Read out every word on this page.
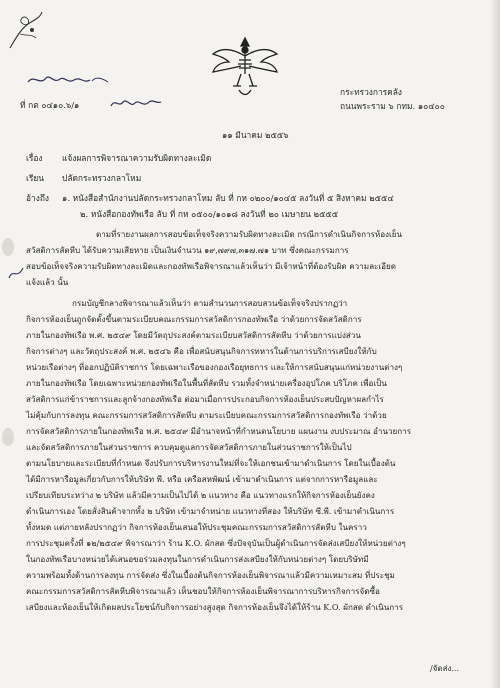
ที่ กต ๐๔๑๐.๖/๑
กระทรวงการคลัง
ถนนพระราม ๖ กทม. ๑๐๔๐๐
๑๑ มีนาคม ๒๕๕๖
เรื่อง แจ้งผลการพิจารณาความรับผิดทางละเมิด
เรียน ปลัดกระทรวงกลาโหม
อ้างถึง ๑. หนังสือสำนักงานปลัดกระทรวงกลาโหม ลับ ที่ กห ๐๒๐๐/๑๐๔๕ ลงวันที่ ๕ สิงหาคม ๒๕๕๔
๒. หนังสือกองทัพเรือ ลับ ที่ กห ๐๕๐๐/๑๐๑๘ ลงวันที่ ๒๐ เมษายน ๒๕๕๕
ตามที่รายงานผลการสอบข้อเท็จจริงความรับผิดทางละเมิด กรณีการดำเนินกิจการห้องเย็น
สวัสดิการสัตหีบ ได้รับความเสียหาย เป็นเงินจำนวน ๑๙,๗๙๗,๓๑๗.๗๑ บาท ซึ่งคณะกรรมการ
สอบข้อเท็จจริงความรับผิดทางละเมิดและกองทัพเรือพิจารณาแล้วเห็นว่า มีเจ้าหน้าที่ต้องรับผิด ความละเอียด
แจ้งแล้ว นั้น
กรมบัญชีกลางพิจารณาแล้วเห็นว่า ตามสำนวนการสอบสวนข้อเท็จจริงปรากฏว่า
กิจการห้องเย็นถูกจัดตั้งขึ้นตามระเบียบคณะกรรมการสวัสดิการกองทัพเรือ ว่าด้วยการจัดสวัสดิการ
ภายในกองทัพเรือ พ.ศ. ๒๕๔๙ โดยมีวัตถุประสงค์ตามระเบียบสวัสดิการสัตหีบ ว่าด้วยการแบ่งส่วน
กิจการต่างๆ และวัตถุประสงค์ พ.ศ. ๒๕๔๖ คือ เพื่อสนับสนุนกิจการทหารในด้านการบริการเสบียงให้กับ
หน่วยเรือต่างๆ ที่ออกปฏิบัติราชการ โดยเฉพาะเรือของกองเรือยุทธการ และให้การสนับสนุนแก่หน่วยงานต่างๆ
ภายในกองทัพเรือ โดยเฉพาะหน่วยกองทัพเรือในพื้นที่สัตหีบ รวมทั้งจำหน่ายเครื่องอุปโภค บริโภค เพื่อเป็น
สวัสดิการแก่ข้าราชการและลูกจ้างกองทัพเรือ ต่อมาเมื่อการประกอบกิจการห้องเย็นประสบปัญหาผลกำไร
ไม่คุ้มกับการลงทุน คณะกรรมการสวัสดิการสัตหีบ ตามระเบียบคณะกรรมการสวัสดิการกองทัพเรือ ว่าด้วย
การจัดสวัสดิการภายในกองทัพเรือ พ.ศ. ๒๕๔๙ มีอำนาจหน้าที่กำหนดนโยบาย แผนงาน งบประมาณ อำนวยการ
และจัดสวัสดิการภายในส่วนราชการ ควบคุมดูแลการจัดสวัสดิการภายในส่วนราชการให้เป็นไป
ตามนโยบายและระเบียบที่กำหนด จึงปรับการบริหารงานใหม่ที่จะให้เอกชนเข้ามาดำเนินการ โดยในเบื้องต้น
ได้มีการหารือมูลเกี่ยวกับการให้บริษัท พี. หรือ เครือสหพัฒน์ เข้ามาดำเนินการ แต่จากการหารือมูลและ
เปรียบเทียบระหว่าง ๒ บริษัท แล้วมีความเป็นไปได้ ๒ แนวทาง คือ แนวทางแรกให้กิจการห้องเย็นยังคง
ดำเนินการเอง โดยสั่งสินค้าจากทั้ง ๒ บริษัท เข้ามาจำหน่าย แนวทางที่สอง ให้บริษัท ซี.พี. เข้ามาดำเนินการ
ทั้งหมด แต่ภายหลังปรากฏว่า กิจการห้องเย็นเสนอให้ประชุมคณะกรรมการสวัสดิการสัตหีบ ในคราว
การประชุมครั้งที่ ๑๒/๒๕๔๙ พิจารณาว่า ร้าน K.O. ผักสด ซึ่งปัจจุบันเป็นผู้ดำเนินการจัดส่งเสบียงให้หน่วยต่างๆ
ในกองทัพเรือบางหน่วยได้เสนอขอร่วมลงทุนในการดำเนินการส่งเสบียงให้กับหน่วยต่างๆ โดยบริษัทมี
ความพร้อมทั้งด้านการลงทุน การจัดส่ง ซึ่งในเบื้องต้นกิจการห้องเย็นพิจารณาแล้วมีความเหมาะสม ที่ประชุม
คณะกรรมการสวัสดิการสัตหีบพิจารณาแล้ว เห็นชอบให้กิจการห้องเย็นพิจารณาการบริหารกิจการจัดซื้อ
เสบียงและห้องเย็นให้เกิดผลประโยชน์กับกิจการอย่างสูงสุด กิจการห้องเย็นจึงได้ให้ร้าน K.O. ผักสด ดำเนินการ
/จัดส่ง...
